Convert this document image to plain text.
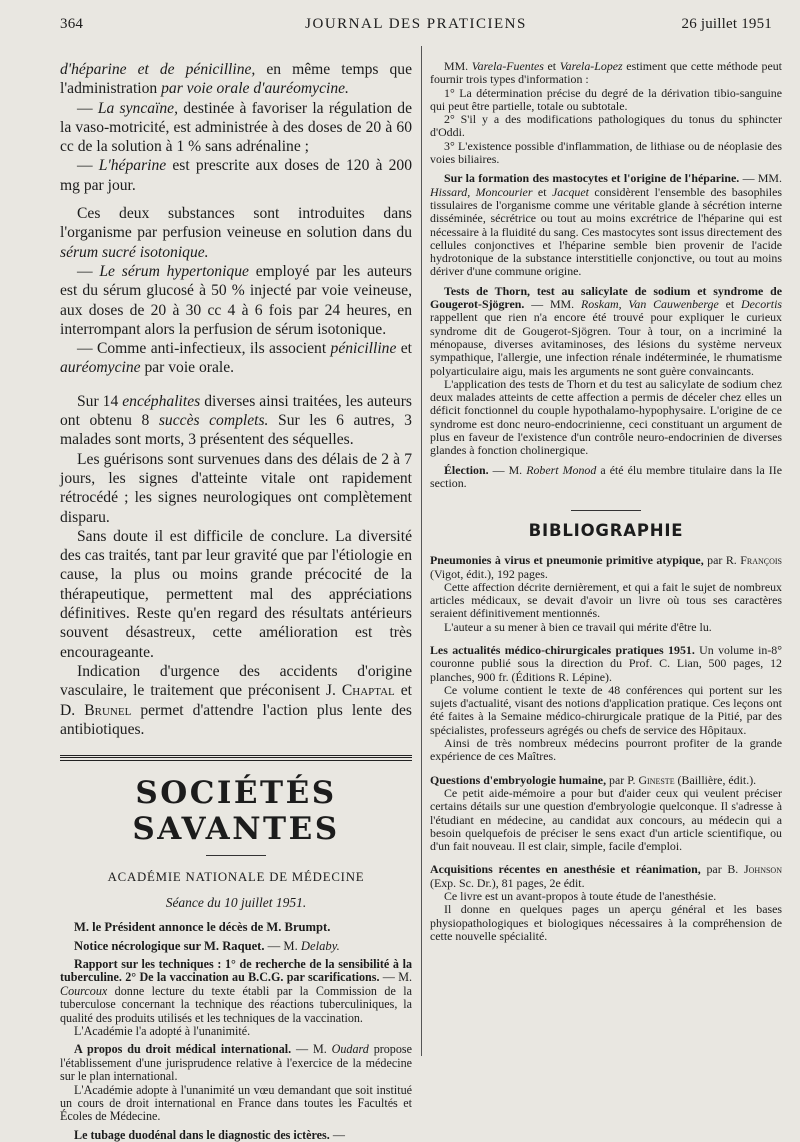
364	JOURNAL DES PRATICIENS	26 juillet 1951

d'héparine et de pénicilline, en même temps que l'administration par voie orale d'auréomycine.

— La syncaïne, destinée à favoriser la régulation de la vaso-motricité, est administrée à des doses de 20 à 60 cc de la solution à 1 % sans adrénaline ;

— L'héparine est prescrite aux doses de 120 à 200 mg par jour.

Ces deux substances sont introduites dans l'organisme par perfusion veineuse en solution dans du sérum sucré isotonique.

— Le sérum hypertonique employé par les auteurs est du sérum glucosé à 50 % injecté par voie veineuse, aux doses de 20 à 30 cc 4 à 6 fois par 24 heures, en interrompant alors la perfusion de sérum isotonique.

— Comme anti-infectieux, ils associent pénicilline et auréomycine par voie orale.

Sur 14 encéphalites diverses ainsi traitées, les auteurs ont obtenu 8 succès complets. Sur les 6 autres, 3 malades sont morts, 3 présentent des séquelles.

Les guérisons sont survenues dans des délais de 2 à 7 jours, les signes d'atteinte vitale ont rapidement rétrocédé ; les signes neurologiques ont complètement disparu.

Sans doute il est difficile de conclure. La diversité des cas traités, tant par leur gravité que par l'étiologie en cause, la plus ou moins grande précocité de la thérapeutique, permettent mal des appréciations définitives. Reste qu'en regard des résultats antérieurs souvent désastreux, cette amélioration est très encourageante.

Indication d'urgence des accidents d'origine vasculaire, le traitement que préconisent J. Chaptal et D. Brunel permet d'attendre l'action plus lente des antibiotiques.

SOCIÉTÉS SAVANTES
ACADÉMIE NATIONALE DE MÉDECINE
Séance du 10 juillet 1951.

M. le Président annonce le décès de M. Brumpt.

Notice nécrologique sur M. Raquet. — M. Delaby.

Rapport sur les techniques : 1° de recherche de la sensibilité à la tuberculine. 2° De la vaccination au B.C.G. par scarifications. — M. Courcoux donne lecture du texte établi par la Commission de la tuberculose concernant la technique des réactions tuberculiniques, la qualité des produits utilisés et les techniques de la vaccination.

L'Académie l'a adopté à l'unanimité.

A propos du droit médical international. — M. Oudard propose l'établissement d'une jurisprudence relative à l'exercice de la médecine sur le plan international.

L'Académie adopte à l'unanimité un vœu demandant que soit institué un cours de droit international en France dans toutes les Facultés et Écoles de Médecine.

Le tubage duodénal dans le diagnostic des ictères. —

MM. Varela-Fuentes et Varela-Lopez estiment que cette méthode peut fournir trois types d'information :

1° La détermination précise du degré de la dérivation tibio-sanguine qui peut être partielle, totale ou subtotale.

2° S'il y a des modifications pathologiques du tonus du sphincter d'Oddi.

3° L'existence possible d'inflammation, de lithiase ou de néoplasie des voies biliaires.

Sur la formation des mastocytes et l'origine de l'héparine. — MM. Hissard, Moncourier et Jacquet considèrent l'ensemble des basophiles tissulaires de l'organisme comme une véritable glande à sécrétion interne disséminée, sécrétrice ou tout au moins excrétrice de l'héparine qui est nécessaire à la fluidité du sang. Ces mastocytes sont issus directement des cellules conjonctives et l'héparine semble bien provenir de l'acide hydrotonique de la substance interstitielle conjonctive, ou tout au moins dériver d'une commune origine.

Tests de Thorn, test au salicylate de sodium et syndrome de Gougerot-Sjögren. — MM. Roskam, Van Cauwenberge et Decortis rappellent que rien n'a encore été trouvé pour expliquer le curieux syndrome dit de Gougerot-Sjögren. Tour à tour, on a incriminé la ménopause, diverses avitaminoses, des lésions du système nerveux sympathique, l'allergie, une infection rénale indéterminée, le rhumatisme polyarticulaire aigu, mais les arguments ne sont guère convaincants.

L'application des tests de Thorn et du test au salicylate de sodium chez deux malades atteints de cette affection a permis de déceler chez elles un déficit fonctionnel du couple hypothalamo-hypophysaire. L'origine de ce syndrome est donc neuro-endocrinienne, ceci constituant un argument de plus en faveur de l'existence d'un contrôle neuro-endocrinien de diverses glandes à fonction cholinergique.

Élection. — M. Robert Monod a été élu membre titulaire dans la IIe section.

BIBLIOGRAPHIE

Pneumonies à virus et pneumonie primitive atypique, par R. François (Vigot, édit.), 192 pages.

Cette affection décrite dernièrement, et qui a fait le sujet de nombreux articles médicaux, se devait d'avoir un livre où tous ses caractères seraient définitivement mentionnés.

L'auteur a su mener à bien ce travail qui mérite d'être lu.

Les actualités médico-chirurgicales pratiques 1951. Un volume in-8° couronne publié sous la direction du Prof. C. Lian, 500 pages, 12 planches, 900 fr. (Éditions R. Lépine).

Ce volume contient le texte de 48 conférences qui portent sur les sujets d'actualité, visant des notions d'application pratique. Ces leçons ont été faites à la Semaine médico-chirurgicale pratique de la Pitié, par des spécialistes, professeurs agrégés ou chefs de service des Hôpitaux.

Ainsi de très nombreux médecins pourront profiter de la grande expérience de ces Maîtres.

Questions d'embryologie humaine, par P. Gineste (Baillière, édit.).

Ce petit aide-mémoire a pour but d'aider ceux qui veulent préciser certains détails sur une question d'embryologie quelconque. Il s'adresse à l'étudiant en médecine, au candidat aux concours, au médecin qui a besoin quelquefois de préciser le sens exact d'un article scientifique, ou d'un fait nouveau. Il est clair, simple, facile d'emploi.

Acquisitions récentes en anesthésie et réanimation, par B. Johnson (Exp. Sc. Dr.), 81 pages, 2e édit.

Ce livre est un avant-propos à toute étude de l'anesthésie.

Il donne en quelques pages un aperçu général et les bases physiopathologiques et biologiques nécessaires à la compréhension de cette nouvelle spécialité.
